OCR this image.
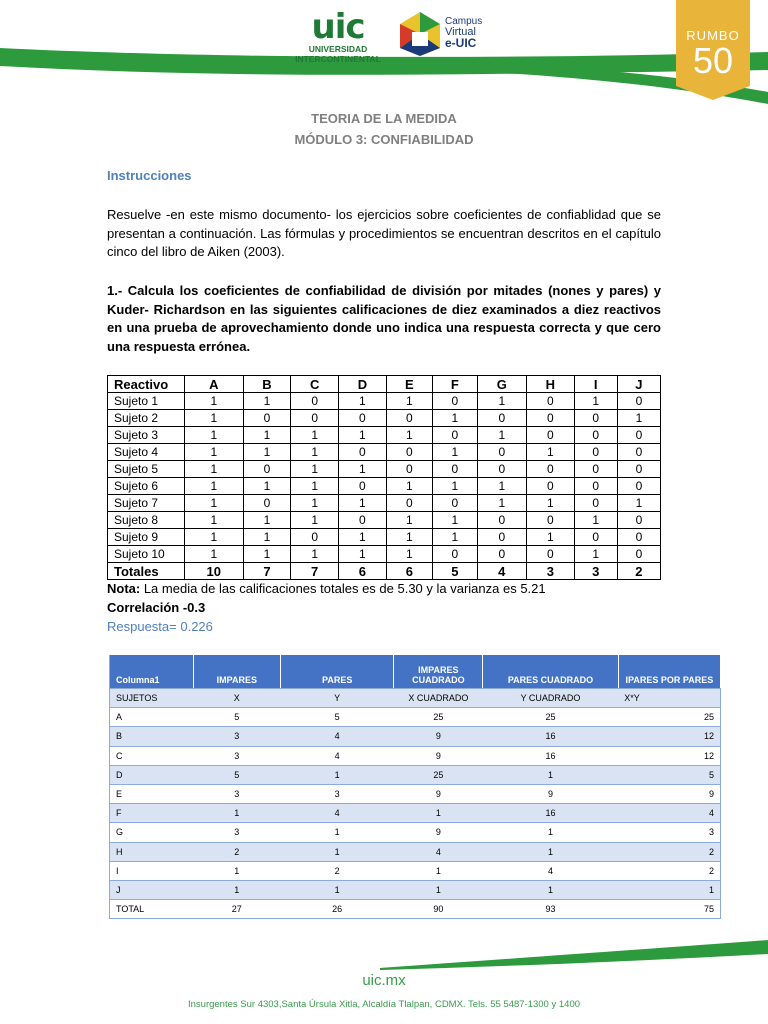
uic
UNIVERSIDAD
INTERCONTINENTAL
Campus
Virtual
e-UIC	RUMBO
50
TEORIA DE LA MEDIDA
MÓDULO 3: CONFIABILIDAD
Instrucciones
Resuelve -en este mismo documento- los ejercicios sobre coeficientes de confiablidad que se presentan a continuación. Las fórmulas y procedimientos se encuentran descritos en el capítulo cinco del libro de Aiken (2003).
1.- Calcula los coeficientes de confiabilidad de división por mitades (nones y pares) y Kuder- Richardson en las siguientes calificaciones de diez examinados a diez reactivos en una prueba de aprovechamiento donde uno indica una respuesta correcta y que cero una respuesta errónea.
Reactivo	A	B	C	D	E	F	G	H	I	J
Sujeto 1	1	1	0	1	1	0	1	0	1	0
Sujeto 2	1	0	0	0	0	1	0	0	0	1
Sujeto 3	1	1	1	1	1	0	1	0	0	0
Sujeto 4	1	1	1	0	0	1	0	1	0	0
Sujeto 5	1	0	1	1	0	0	0	0	0	0
Sujeto 6	1	1	1	0	1	1	1	0	0	0
Sujeto 7	1	0	1	1	0	0	1	1	0	1
Sujeto 8	1	1	1	0	1	1	0	0	1	0
Sujeto 9	1	1	0	1	1	1	0	1	0	0
Sujeto 10	1	1	1	1	1	0	0	0	1	0
Totales	10	7	7	6	6	5	4	3	3	2
Nota: La media de las calificaciones totales es de 5.30 y la varianza es 5.21
Correlación -0.3
Respuesta= 0.226
Columna1	IMPARES	PARES	IMPARES CUADRADO	PARES CUADRADO	IPARES POR PARES
SUJETOS	X	Y	X CUADRADO	Y CUADRADO	X*Y
A	5	5	25	25	25
B	3	4	9	16	12
C	3	4	9	16	12
D	5	1	25	1	5
E	3	3	9	9	9
F	1	4	1	16	4
G	3	1	9	1	3
H	2	1	4	1	2
I	1	2	1	4	2
J	1	1	1	1	1
TOTAL	27	26	90	93	75
uic.mx
Insurgentes Sur 4303,Santa Úrsula Xitla, Alcaldía Tlalpan, CDMX. Tels. 55 5487-1300 y 1400
